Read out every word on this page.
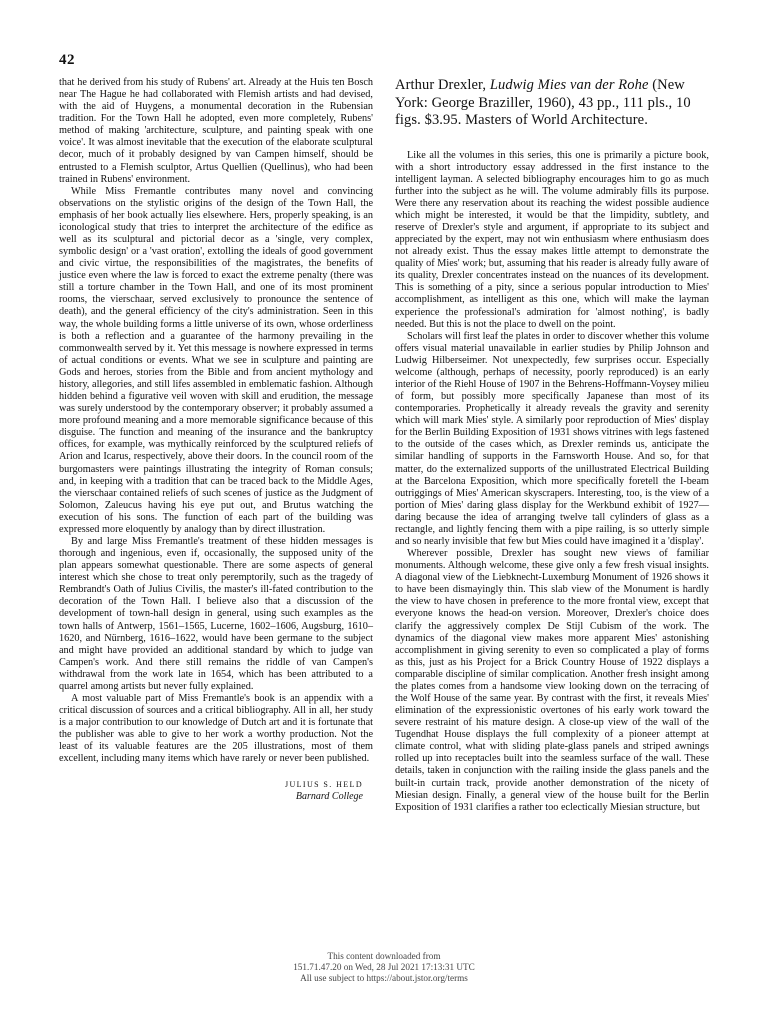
42

that he derived from his study of Rubens' art. Already at the Huis ten Bosch near The Hague he had collaborated with Flemish artists and had devised, with the aid of Huygens, a monumental decoration in the Rubensian tradition. For the Town Hall he adopted, even more completely, Rubens' method of making 'architecture, sculpture, and painting speak with one voice'. It was almost inevitable that the execution of the elaborate sculptural decor, much of it probably designed by van Campen himself, should be entrusted to a Flemish sculptor, Artus Quellien (Quellinus), who had been trained in Rubens' environment.

While Miss Fremantle contributes many novel and convincing observations on the stylistic origins of the design of the Town Hall, the emphasis of her book actually lies elsewhere. Hers, properly speaking, is an iconological study that tries to interpret the architecture of the edifice as well as its sculptural and pictorial decor as a 'single, very complex, symbolic design' or a 'vast oration', extolling the ideals of good government and civic virtue, the responsibilities of the magistrates, the benefits of justice even where the law is forced to exact the extreme penalty (there was still a torture chamber in the Town Hall, and one of its most prominent rooms, the vierschaar, served exclusively to pronounce the sentence of death), and the general efficiency of the city's administration. Seen in this way, the whole building forms a little universe of its own, whose orderliness is both a reflection and a guarantee of the harmony prevailing in the commonwealth served by it. Yet this message is nowhere expressed in terms of actual conditions or events. What we see in sculpture and painting are Gods and heroes, stories from the Bible and from ancient mythology and history, allegories, and still lifes assembled in emblematic fashion. Although hidden behind a figurative veil woven with skill and erudition, the message was surely understood by the contemporary observer; it probably assumed a more profound meaning and a more memorable significance because of this disguise. The function and meaning of the insurance and the bankruptcy offices, for example, was mythically reinforced by the sculptured reliefs of Arion and Icarus, respectively, above their doors. In the council room of the burgomasters were paintings illustrating the integrity of Roman consuls; and, in keeping with a tradition that can be traced back to the Middle Ages, the vierschaar contained reliefs of such scenes of justice as the Judgment of Solomon, Zaleucus having his eye put out, and Brutus watching the execution of his sons. The function of each part of the building was expressed more eloquently by analogy than by direct illustration.

By and large Miss Fremantle's treatment of these hidden messages is thorough and ingenious, even if, occasionally, the supposed unity of the plan appears somewhat questionable. There are some aspects of general interest which she chose to treat only peremptorily, such as the tragedy of Rembrandt's Oath of Julius Civilis, the master's ill-fated contribution to the decoration of the Town Hall. I believe also that a discussion of the development of town-hall design in general, using such examples as the town halls of Antwerp, 1561–1565, Lucerne, 1602–1606, Augsburg, 1610–1620, and Nürnberg, 1616–1622, would have been germane to the subject and might have provided an additional standard by which to judge van Campen's work. And there still remains the riddle of van Campen's withdrawal from the work late in 1654, which has been attributed to a quarrel among artists but never fully explained.

A most valuable part of Miss Fremantle's book is an appendix with a critical discussion of sources and a critical bibliography. All in all, her study is a major contribution to our knowledge of Dutch art and it is fortunate that the publisher was able to give to her work a worthy production. Not the least of its valuable features are the 205 illustrations, most of them excellent, including many items which have rarely or never been published.

JULIUS S. HELD
Barnard College
Arthur Drexler, Ludwig Mies van der Rohe (New York: George Braziller, 1960), 43 pp., 111 pls., 10 figs. $3.95. Masters of World Architecture.

Like all the volumes in this series, this one is primarily a picture book, with a short introductory essay addressed in the first instance to the intelligent layman. A selected bibliography encourages him to go as much further into the subject as he will. The volume admirably fills its purpose. Were there any reservation about its reaching the widest possible audience which might be interested, it would be that the limpidity, subtlety, and reserve of Drexler's style and argument, if appropriate to its subject and appreciated by the expert, may not win enthusiasm where enthusiasm does not already exist. Thus the essay makes little attempt to demonstrate the quality of Mies' work; but, assuming that his reader is already fully aware of its quality, Drexler concentrates instead on the nuances of its development. This is something of a pity, since a serious popular introduction to Mies' accomplishment, as intelligent as this one, which will make the layman experience the professional's admiration for 'almost nothing', is badly needed. But this is not the place to dwell on the point.

Scholars will first leaf the plates in order to discover whether this volume offers visual material unavailable in earlier studies by Philip Johnson and Ludwig Hilberseimer. Not unexpectedly, few surprises occur. Especially welcome (although, perhaps of necessity, poorly reproduced) is an early interior of the Riehl House of 1907 in the Behrens-Hoffmann-Voysey milieu of form, but possibly more specifically Japanese than most of its contemporaries. Prophetically it already reveals the gravity and serenity which will mark Mies' style. A similarly poor reproduction of Mies' display for the Berlin Building Exposition of 1931 shows vitrines with legs fastened to the outside of the cases which, as Drexler reminds us, anticipate the similar handling of supports in the Farnsworth House. And so, for that matter, do the externalized supports of the unillustrated Electrical Building at the Barcelona Exposition, which more specifically foretell the I-beam outriggings of Mies' American skyscrapers. Interesting, too, is the view of a portion of Mies' daring glass display for the Werkbund exhibit of 1927—daring because the idea of arranging twelve tall cylinders of glass as a rectangle, and lightly fencing them with a pipe railing, is so utterly simple and so nearly invisible that few but Mies could have imagined it a 'display'.

Wherever possible, Drexler has sought new views of familiar monuments. Although welcome, these give only a few fresh visual insights. A diagonal view of the Liebknecht-Luxemburg Monument of 1926 shows it to have been dismayingly thin. This slab view of the Monument is hardly the view to have chosen in preference to the more frontal view, except that everyone knows the head-on version. Moreover, Drexler's choice does clarify the aggressively complex De Stijl Cubism of the work. The dynamics of the diagonal view makes more apparent Mies' astonishing accomplishment in giving serenity to even so complicated a play of forms as this, just as his Project for a Brick Country House of 1922 displays a comparable discipline of similar complication. Another fresh insight among the plates comes from a handsome view looking down on the terracing of the Wolf House of the same year. By contrast with the first, it reveals Mies' elimination of the expressionistic overtones of his early work toward the severe restraint of his mature design. A close-up view of the wall of the Tugendhat House displays the full complexity of a pioneer attempt at climate control, what with sliding plate-glass panels and striped awnings rolled up into receptacles built into the seamless surface of the wall. These details, taken in conjunction with the railing inside the glass panels and the built-in curtain track, provide another demonstration of the nicety of Miesian design. Finally, a general view of the house built for the Berlin Exposition of 1931 clarifies a rather too eclectically Miesian structure, but

This content downloaded from
151.71.47.20 on Wed, 28 Jul 2021 17:13:31 UTC
All use subject to https://about.jstor.org/terms
